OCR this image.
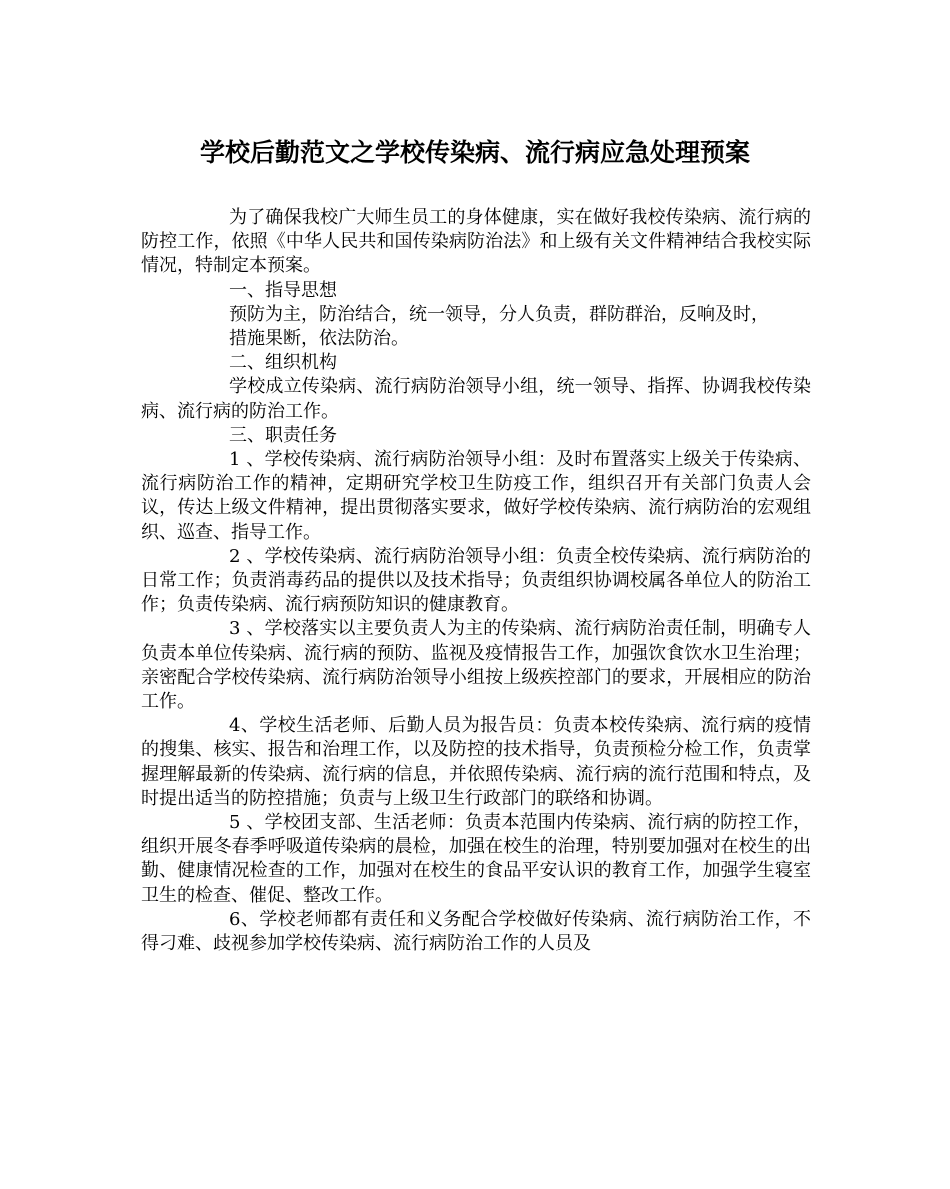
学校后勤范文之学校传染病、流行病应急处理预案

为了确保我校广大师生员工的身体健康，实在做好我校传染病、流行病的防控工作，依照《中华人民共和国传染病防治法》和上级有关文件精神结合我校实际情况，特制定本预案。

一、指导思想

预防为主，防治结合，统一领导，分人负责，群防群治，反响及时，

措施果断，依法防治。

二、组织机构

学校成立传染病、流行病防治领导小组，统一领导、指挥、协调我校传染病、流行病的防治工作。

三、职责任务

1 、学校传染病、流行病防治领导小组：及时布置落实上级关于传染病、流行病防治工作的精神，定期研究学校卫生防疫工作，组织召开有关部门负责人会议，传达上级文件精神，提出贯彻落实要求，做好学校传染病、流行病防治的宏观组织、巡查、指导工作。

2 、学校传染病、流行病防治领导小组：负责全校传染病、流行病防治的日常工作；负责消毒药品的提供以及技术指导；负责组织协调校属各单位人的防治工作；负责传染病、流行病预防知识的健康教育。

3 、学校落实以主要负责人为主的传染病、流行病防治责任制，明确专人负责本单位传染病、流行病的预防、监视及疫情报告工作，加强饮食饮水卫生治理；亲密配合学校传染病、流行病防治领导小组按上级疾控部门的要求，开展相应的防治工作。

4、学校生活老师、后勤人员为报告员：负责本校传染病、流行病的疫情的搜集、核实、报告和治理工作，以及防控的技术指导，负责预检分检工作，负责掌握理解最新的传染病、流行病的信息，并依照传染病、流行病的流行范围和特点，及时提出适当的防控措施；负责与上级卫生行政部门的联络和协调。

5 、学校团支部、生活老师：负责本范围内传染病、流行病的防控工作，组织开展冬春季呼吸道传染病的晨检，加强在校生的治理，特别要加强对在校生的出勤、健康情况检查的工作，加强对在校生的食品平安认识的教育工作，加强学生寝室卫生的检查、催促、整改工作。

6、学校老师都有责任和义务配合学校做好传染病、流行病防治工作，不得刁难、歧视参加学校传染病、流行病防治工作的人员及
